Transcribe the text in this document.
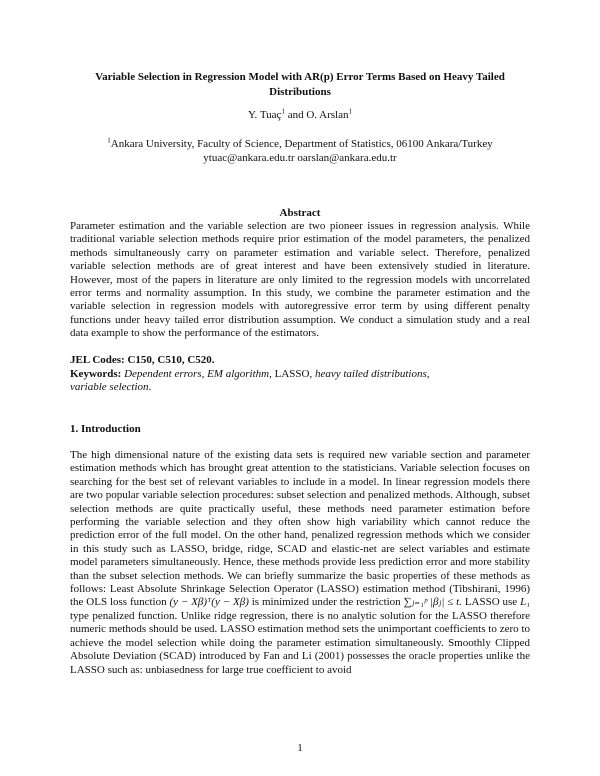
Variable Selection in Regression Model with AR(p) Error Terms Based on Heavy Tailed Distributions
Y. Tuaç$^1$ and O. Arslan$^1$
$^1$Ankara University, Faculty of Science, Department of Statistics, 06100 Ankara/Turkey
ytuac@ankara.edu.tr oarslan@ankara.edu.tr
Abstract

Parameter estimation and the variable selection are two pioneer issues in regression analysis. While traditional variable selection methods require prior estimation of the model parameters, the penalized methods simultaneously carry on parameter estimation and variable select. Therefore, penalized variable selection methods are of great interest and have been extensively studied in literature. However, most of the papers in literature are only limited to the regression models with uncorrelated error terms and normality assumption. In this study, we combine the parameter estimation and the variable selection in regression models with autoregressive error term by using different penalty functions under heavy tailed error distribution assumption. We conduct a simulation study and a real data example to show the performance of the estimators.

JEL Codes: C150, C510, C520.
Keywords: Dependent errors, EM algorithm, LASSO, heavy tailed distributions, variable selection.
1. Introduction

The high dimensional nature of the existing data sets is required new variable section and parameter estimation methods which has brought great attention to the statisticians. Variable selection focuses on searching for the best set of relevant variables to include in a model. In linear regression models there are two popular variable selection procedures: subset selection and penalized methods. Although, subset selection methods are quite practically useful, these methods need parameter estimation before performing the variable selection and they often show high variability which cannot reduce the prediction error of the full model. On the other hand, penalized regression methods which we consider in this study such as LASSO, bridge, ridge, SCAD and elastic-net are select variables and estimate model parameters simultaneously. Hence, these methods provide less prediction error and more stability than the subset selection methods. We can briefly summarize the basic properties of these methods as follows: Least Absolute Shrinkage Selection Operator (LASSO) estimation method (Tibshirani, 1996) the OLS loss function (y − Xβ)ᵀ(y − Xβ) is minimized under the restriction ∑ⱼ₌₁ᵖ |βⱼ| ≤ t. LASSO use L₁ type penalized function. Unlike ridge regression, there is no analytic solution for the LASSO therefore numeric methods should be used. LASSO estimation method sets the unimportant coefficients to zero to achieve the model selection while doing the parameter estimation simultaneously. Smoothly Clipped Absolute Deviation (SCAD) introduced by Fan and Li (2001) possesses the oracle properties unlike the LASSO such as: unbiasedness for large true coefficient to avoid

1
